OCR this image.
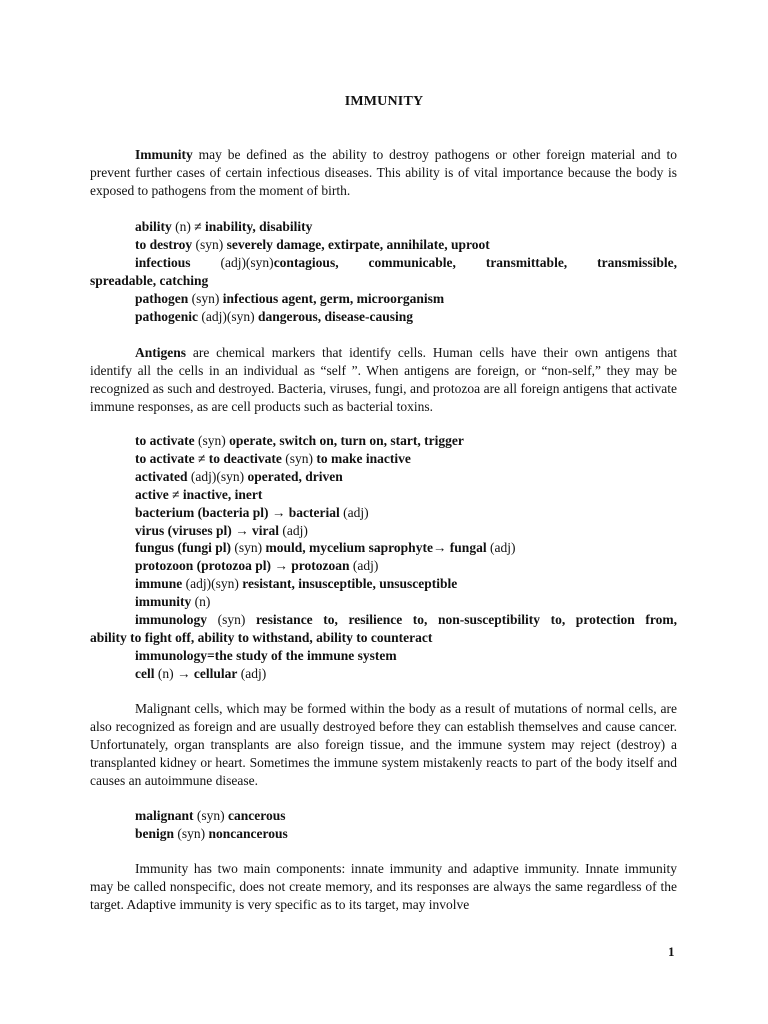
IMMUNITY

Immunity may be defined as the ability to destroy pathogens or other foreign material and to prevent further cases of certain infectious diseases. This ability is of vital importance because the body is exposed to pathogens from the moment of birth.

ability (n) ≠ inability, disability
to destroy (syn) severely damage, extirpate, annihilate, uproot
infectious (adj)(syn)contagious, communicable, transmittable, transmissible,
spreadable, catching
pathogen (syn) infectious agent, germ, microorganism
pathogenic (adj)(syn) dangerous, disease-causing

Antigens are chemical markers that identify cells. Human cells have their own antigens that identify all the cells in an individual as “self ”. When antigens are foreign, or “non-self,” they may be recognized as such and destroyed. Bacteria, viruses, fungi, and protozoa are all foreign antigens that activate immune responses, as are cell products such as bacterial toxins.

to activate (syn) operate, switch on, turn on, start, trigger
to activate ≠ to deactivate (syn) to make inactive
activated (adj)(syn) operated, driven
active ≠ inactive, inert
bacterium (bacteria pl) → bacterial (adj)
virus (viruses pl) → viral (adj)
fungus (fungi pl) (syn) mould, mycelium saprophyte→ fungal (adj)
protozoon (protozoa pl) → protozoan (adj)
immune (adj)(syn) resistant, insusceptible, unsusceptible
immunity (n)
immunology (syn) resistance to, resilience to, non-susceptibility to, protection from,
ability to fight off, ability to withstand, ability to counteract
immunology=the study of the immune system
cell (n) → cellular (adj)

Malignant cells, which may be formed within the body as a result of mutations of normal cells, are also recognized as foreign and are usually destroyed before they can establish themselves and cause cancer. Unfortunately, organ transplants are also foreign tissue, and the immune system may reject (destroy) a transplanted kidney or heart. Sometimes the immune system mistakenly reacts to part of the body itself and causes an autoimmune disease.

malignant (syn) cancerous
benign (syn) noncancerous

Immunity has two main components: innate immunity and adaptive immunity. Innate immunity may be called nonspecific, does not create memory, and its responses are always the same regardless of the target. Adaptive immunity is very specific as to its target, may involve

1
